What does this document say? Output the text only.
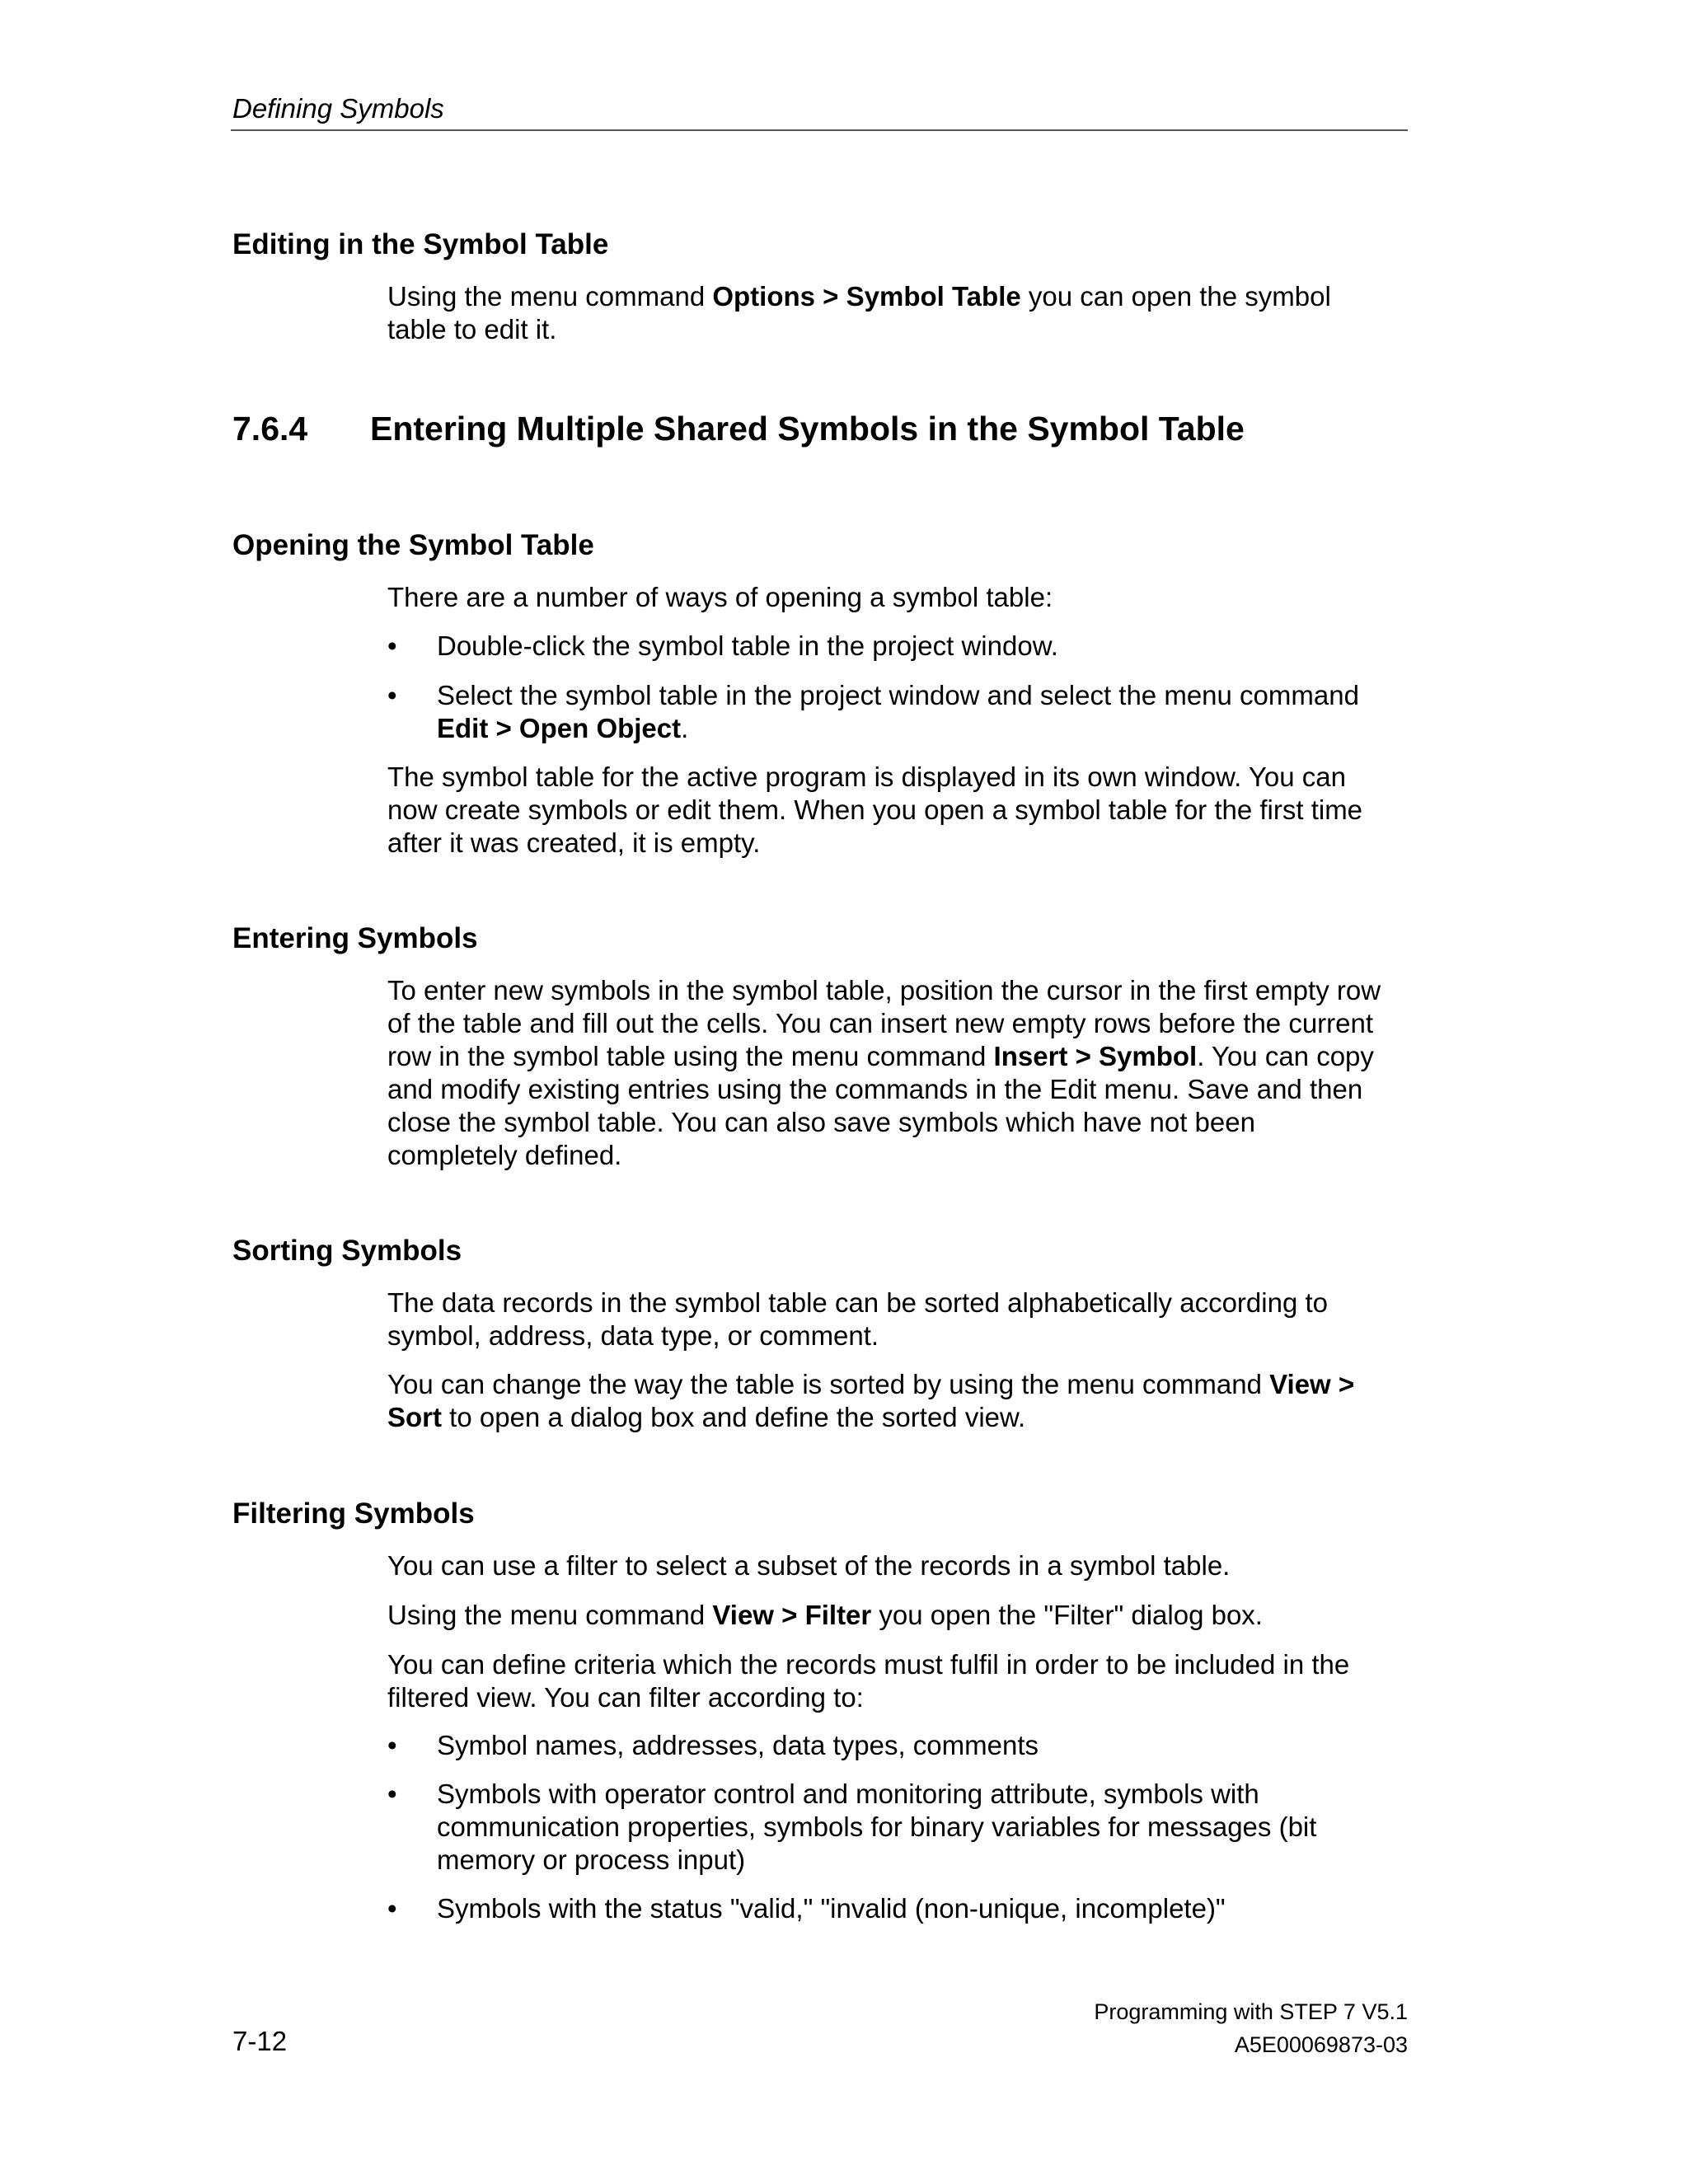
Defining Symbols
Editing in the Symbol Table

Using the menu command Options > Symbol Table you can open the symbol
table to edit it.

7.6.4 Entering Multiple Shared Symbols in the Symbol Table
Opening the Symbol Table

There are a number of ways of opening a symbol table:

•	Double-click the symbol table in the project window.
•	Select the symbol table in the project window and select the menu command
Edit > Open Object.

The symbol table for the active program is displayed in its own window. You can
now create symbols or edit them. When you open a symbol table for the first time
after it was created, it is empty.

Entering Symbols

To enter new symbols in the symbol table, position the cursor in the first empty row
of the table and fill out the cells. You can insert new empty rows before the current
row in the symbol table using the menu command Insert > Symbol. You can copy
and modify existing entries using the commands in the Edit menu. Save and then
close the symbol table. You can also save symbols which have not been
completely defined.

Sorting Symbols

The data records in the symbol table can be sorted alphabetically according to
symbol, address, data type, or comment.

You can change the way the table is sorted by using the menu command View >
Sort to open a dialog box and define the sorted view.

Filtering Symbols

You can use a filter to select a subset of the records in a symbol table.

Using the menu command View > Filter you open the "Filter" dialog box.

You can define criteria which the records must fulfil in order to be included in the
filtered view. You can filter according to:

•	Symbol names, addresses, data types, comments
•	Symbols with operator control and monitoring attribute, symbols with
communication properties, symbols for binary variables for messages (bit
memory or process input)
•	Symbols with the status "valid," "invalid (non-unique, incomplete)"
Programming with STEP 7 V5.1
7-12	A5E00069873-03
